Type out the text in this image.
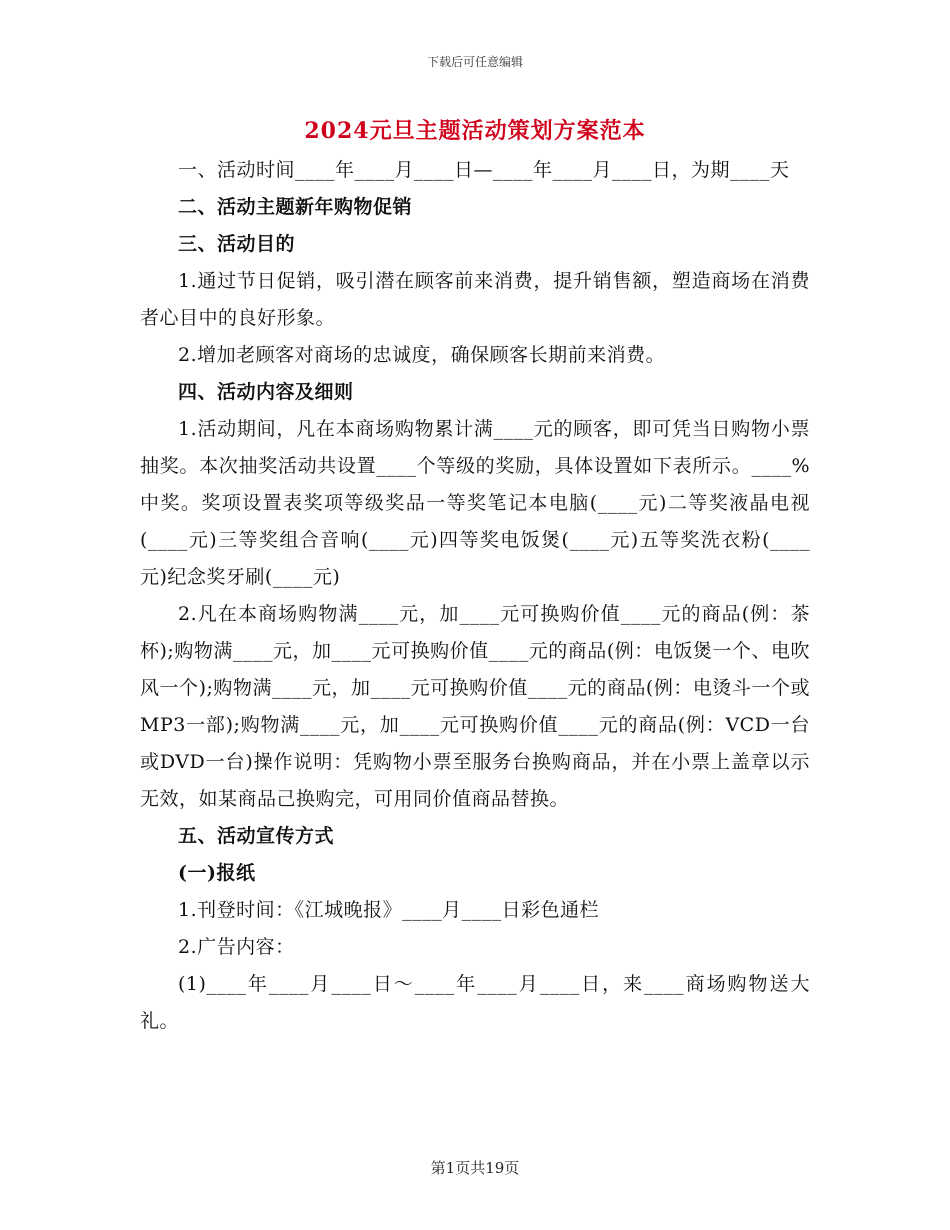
下载后可任意编辑
2024元旦主题活动策划方案范本

一、活动时间____年____月____日—____年____月____日，为期____天

二、活动主题新年购物促销

三、活动目的

1.通过节日促销，吸引潜在顾客前来消费，提升销售额，塑造商场在消费者心目中的良好形象。

2.增加老顾客对商场的忠诚度，确保顾客长期前来消费。

四、活动内容及细则

1.活动期间，凡在本商场购物累计满____元的顾客，即可凭当日购物小票抽奖。本次抽奖活动共设置____个等级的奖励，具体设置如下表所示。____%中奖。奖项设置表奖项等级奖品一等奖笔记本电脑(____元)二等奖液晶电视(____元)三等奖组合音响(____元)四等奖电饭煲(____元)五等奖洗衣粉(____元)纪念奖牙刷(____元)

2.凡在本商场购物满____元，加____元可换购价值____元的商品(例：茶杯);购物满____元，加____元可换购价值____元的商品(例：电饭煲一个、电吹风一个);购物满____元，加____元可换购价值____元的商品(例：电烫斗一个或MP3一部);购物满____元，加____元可换购价值____元的商品(例：VCD一台或DVD一台)操作说明：凭购物小票至服务台换购商品，并在小票上盖章以示无效，如某商品己换购完，可用同价值商品替换。

五、活动宣传方式

(一)报纸

1.刊登时间：《江城晚报》____月____日彩色通栏

2.广告内容：

(1)____年____月____日～____年____月____日，来____商场购物送大礼。

第1页共19页
